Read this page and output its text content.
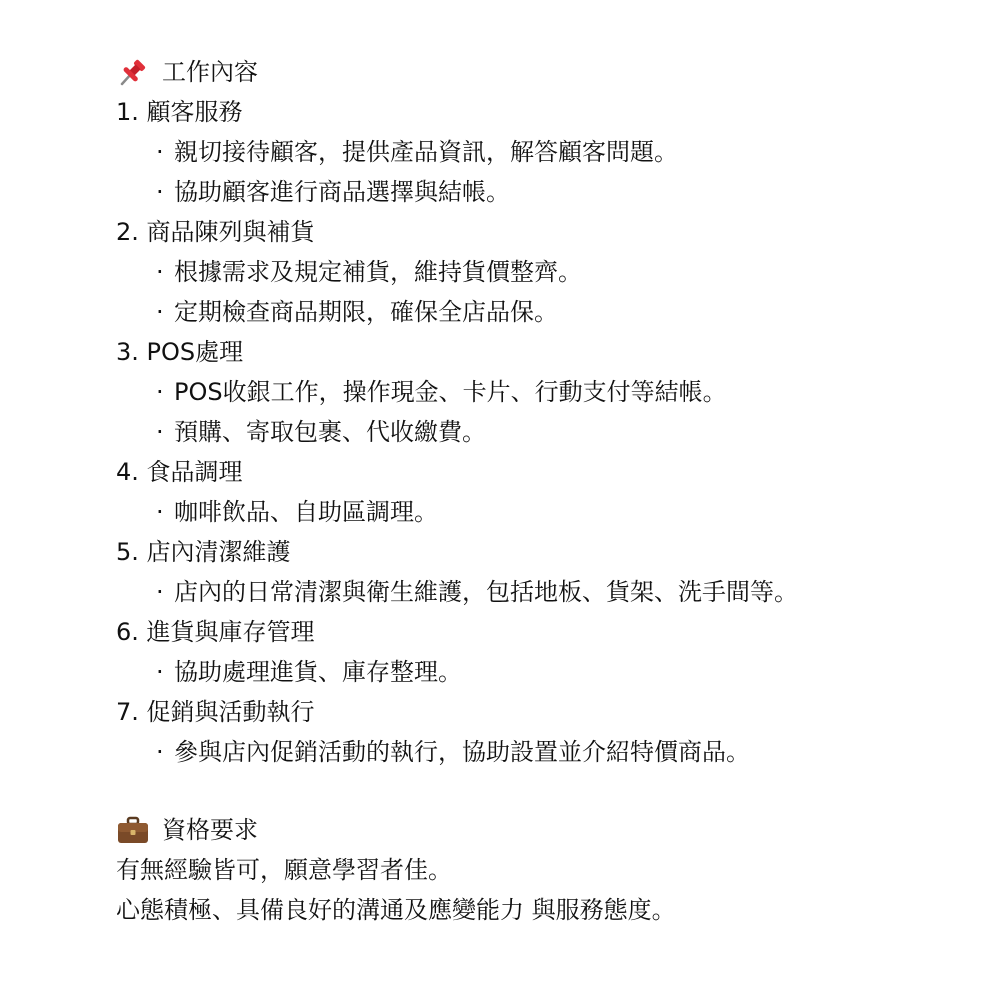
工作內容
1. 顧客服務
· 親切接待顧客，提供產品資訊，解答顧客問題。
· 協助顧客進行商品選擇與結帳。
2. 商品陳列與補貨
· 根據需求及規定補貨，維持貨價整齊。
· 定期檢查商品期限，確保全店品保。
3. POS處理
· POS收銀工作，操作現金、卡片、行動支付等結帳。
· 預購、寄取包裹、代收繳費。
4. 食品調理
· 咖啡飲品、自助區調理。
5. 店內清潔維護
· 店內的日常清潔與衛生維護，包括地板、貨架、洗手間等。
6. 進貨與庫存管理
· 協助處理進貨、庫存整理。
7. 促銷與活動執行
· 參與店內促銷活動的執行，協助設置並介紹特價商品。
資格要求
有無經驗皆可，願意學習者佳。
心態積極、具備良好的溝通及應變能力 與服務態度。
